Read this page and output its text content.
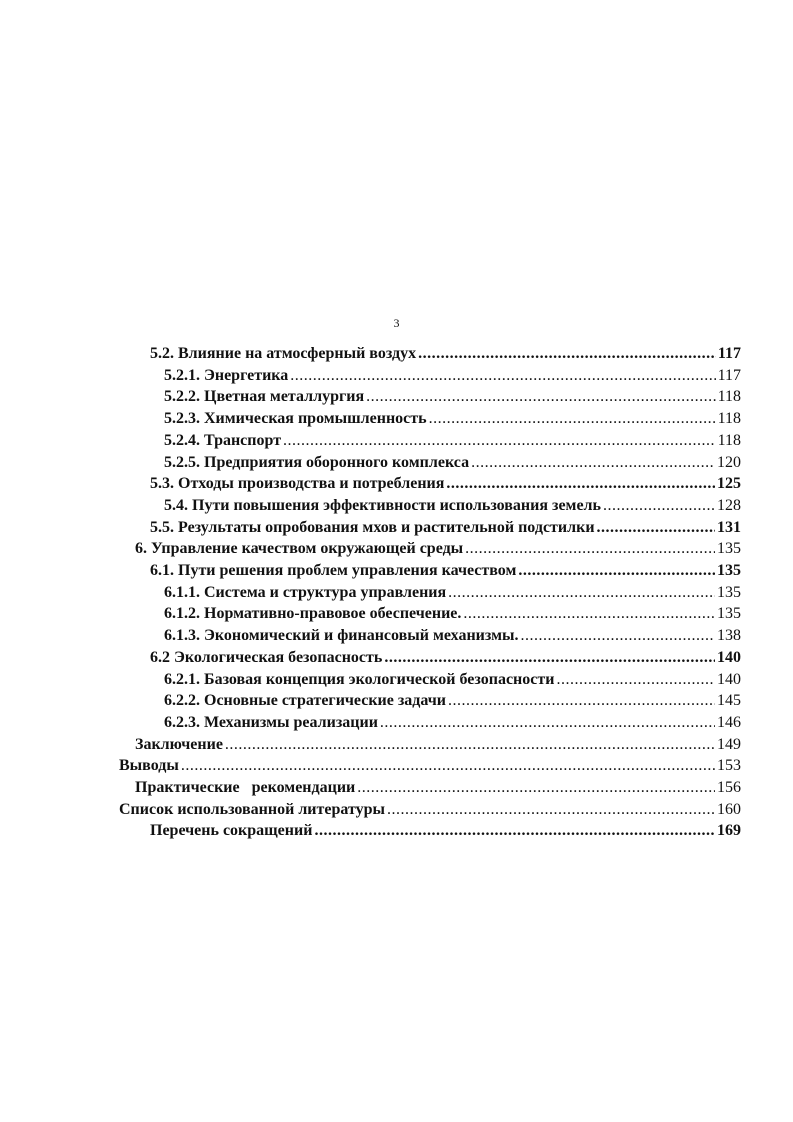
3
5.2. Влияние на атмосферный воздух .....	117
5.2.1. Энергетика .....	117
5.2.2. Цветная металлургия .....	118
5.2.3. Химическая промышленность .....	118
5.2.4. Транспорт .....	118
5.2.5. Предприятия оборонного комплекса .....	120
5.3. Отходы производства и потребления .....	125
5.4. Пути повышения эффективности использования земель .....	128
5.5. Результаты опробования мхов и растительной подстилки .....	131
6. Управление качеством окружающей среды .....	135
6.1. Пути решения проблем управления качеством .....	135
6.1.1. Система и структура управления .....	135
6.1.2. Нормативно-правовое обеспечение. .....	135
6.1.3. Экономический и финансовый механизмы. .....	138
6.2 Экологическая безопасность .....	140
6.2.1. Базовая концепция экологической безопасности .....	140
6.2.2. Основные стратегические задачи .....	145
6.2.3. Механизмы реализации .....	146
Заключение .....	149
Выводы .....	153
Практические   рекомендации .....	156
Список использованной литературы .....	160
Перечень сокращений .....	169
